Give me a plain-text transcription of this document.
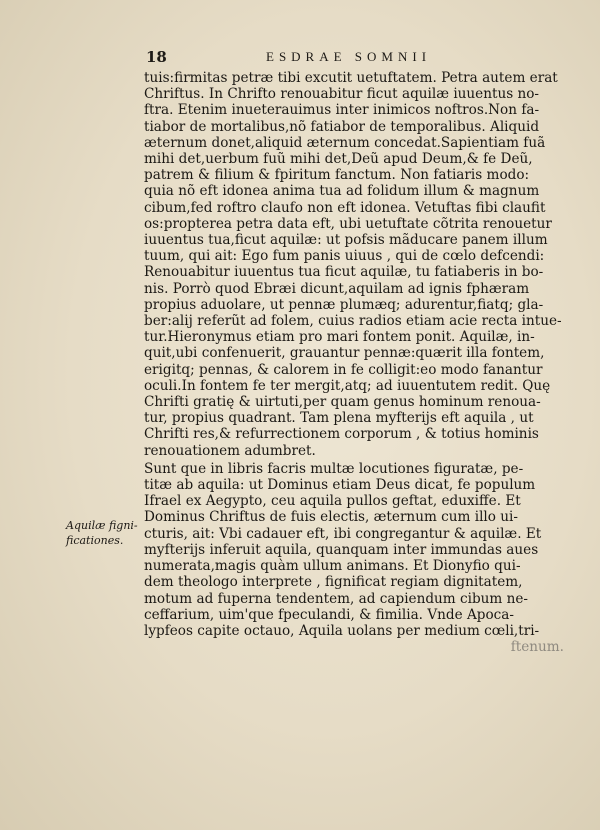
18	ESDRAE SOMNII
Aquilæ figni-
ficationes.
tuis:firmitas petræ tibi excutit uetuftatem. Petra autem erat
Chriftus. In Chrifto renouabitur ficut aquilæ iuuentus no-
ftra. Etenim inueterauimus inter inimicos noftros.Non fa-
tiabor de mortalibus,nõ fatiabor de temporalibus. Aliquid
æternum donet,aliquid æternum concedat.Sapientiam fuã
mihi det,uerbum fuũ mihi det,Deũ apud Deum,& fe Deũ,
patrem & filium & fpiritum fanctum. Non fatiaris modo:
quia nõ eft idonea anima tua ad folidum illum & magnum
cibum,fed roftro claufo non eft idonea. Vetuftas fibi claufit
os:propterea petra data eft, ubi uetuftate cõtrita renouetur
iuuentus tua,ficut aquilæ: ut pofsis mãducare panem illum
tuum, qui ait: Ego fum panis uiuus , qui de cœlo defcendi:
Renouabitur iuuentus tua ficut aquilæ, tu fatiaberis in bo-
nis. Porrò quod Ebræi dicunt,aquilam ad ignis fphæram
propius aduolare, ut pennæ plumæq; adurentur,fiatq; gla-
ber:alij referũt ad folem, cuius radios etiam acie recta intue-
tur.Hieronymus etiam pro mari fontem ponit. Aquilæ, in-
quit,ubi confenuerit, grauantur pennæ:quærit illa fontem,
erigitq; pennas, & calorem in fe colligit:eo modo fanantur
oculi.In fontem fe ter mergit,atq; ad iuuentutem redit. Quę
Chrifti gratię & uirtuti,per quam genus hominum renoua-
tur, propius quadrant. Tam plena myfterijs eft aquila , ut
Chrifti res,& refurrectionem corporum , & totius hominis
renouationem adumbret.
Sunt que in libris facris multæ locutiones figuratæ, pe-
titæ ab aquila: ut Dominus etiam Deus dicat, fe populum
Ifrael ex Aegypto, ceu aquila pullos geftat, eduxiffe. Et
Dominus Chriftus de fuis electis, æternum cum illo ui-
cturis, ait: Vbi cadauer eft, ibi congregantur & aquilæ. Et
myfterijs inferuit aquila, quanquam inter immundas aues
numerata,magis quàm ullum animans. Et Dionyfio qui-
dem theologo interprete , fignificat regiam dignitatem,
motum ad fuperna tendentem, ad capiendum cibum ne-
ceffarium, uim'que fpeculandi, & fimilia. Vnde Apoca-
lypfeos capite octauo, Aquila uolans per medium cœli,tri-
ftenum.
